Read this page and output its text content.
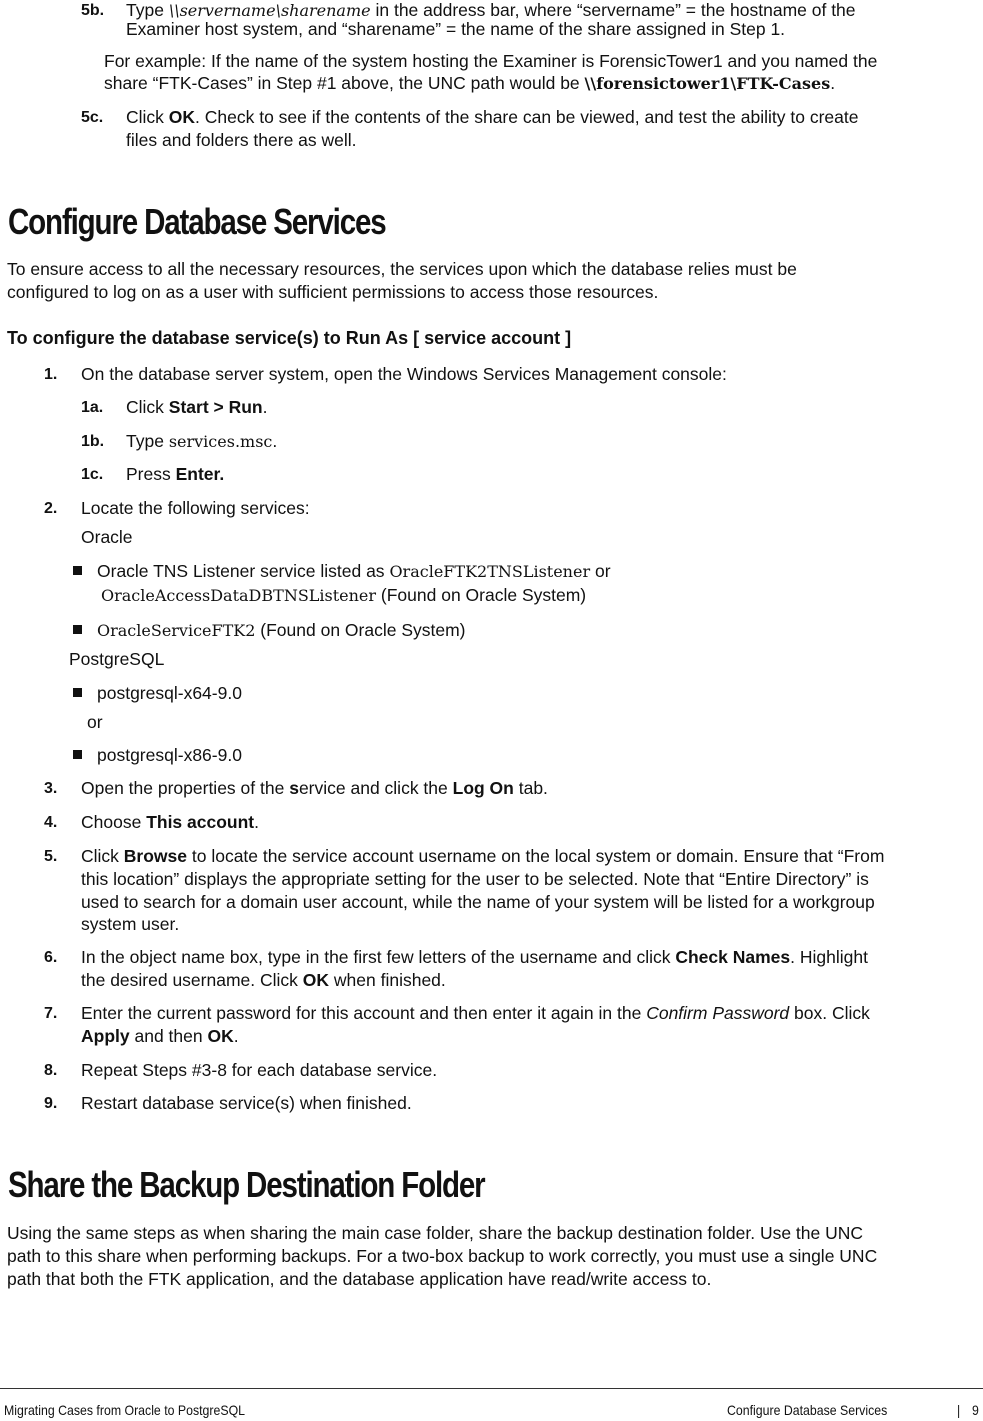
5b. Type \\servername\sharename in the address bar, where “servername” = the hostname of the
Examiner host system, and “sharename” = the name of the share assigned in Step 1.
For example: If the name of the system hosting the Examiner is ForensicTower1 and you named the
share “FTK-Cases” in Step #1 above, the UNC path would be \\forensictower1\FTK-Cases.
5c. Click OK. Check to see if the contents of the share can be viewed, and test the ability to create
files and folders there as well.
Configure Database Services
To ensure access to all the necessary resources, the services upon which the database relies must be
configured to log on as a user with sufficient permissions to access those resources.
To configure the database service(s) to Run As [ service account ]
1. On the database server system, open the Windows Services Management console:
1a. Click Start > Run.
1b. Type services.msc.
1c. Press Enter.
2. Locate the following services:
Oracle
Oracle TNS Listener service listed as OracleFTK2TNSListener or
OracleAccessDataDBTNSListener (Found on Oracle System)
OracleServiceFTK2 (Found on Oracle System)
PostgreSQL
postgresql-x64-9.0
or
postgresql-x86-9.0
3. Open the properties of the service and click the Log On tab.
4. Choose This account.
5. Click Browse to locate the service account username on the local system or domain. Ensure that “From
this location” displays the appropriate setting for the user to be selected. Note that “Entire Directory” is
used to search for a domain user account, while the name of your system will be listed for a workgroup
system user.
6. In the object name box, type in the first few letters of the username and click Check Names. Highlight
the desired username. Click OK when finished.
7. Enter the current password for this account and then enter it again in the Confirm Password box. Click
Apply and then OK.
8. Repeat Steps #3-8 for each database service.
9. Restart database service(s) when finished.
Share the Backup Destination Folder
Using the same steps as when sharing the main case folder, share the backup destination folder. Use the UNC
path to this share when performing backups. For a two-box backup to work correctly, you must use a single UNC
path that both the FTK application, and the database application have read/write access to.
Migrating Cases from Oracle to PostgreSQL	Configure Database Services	| 9
